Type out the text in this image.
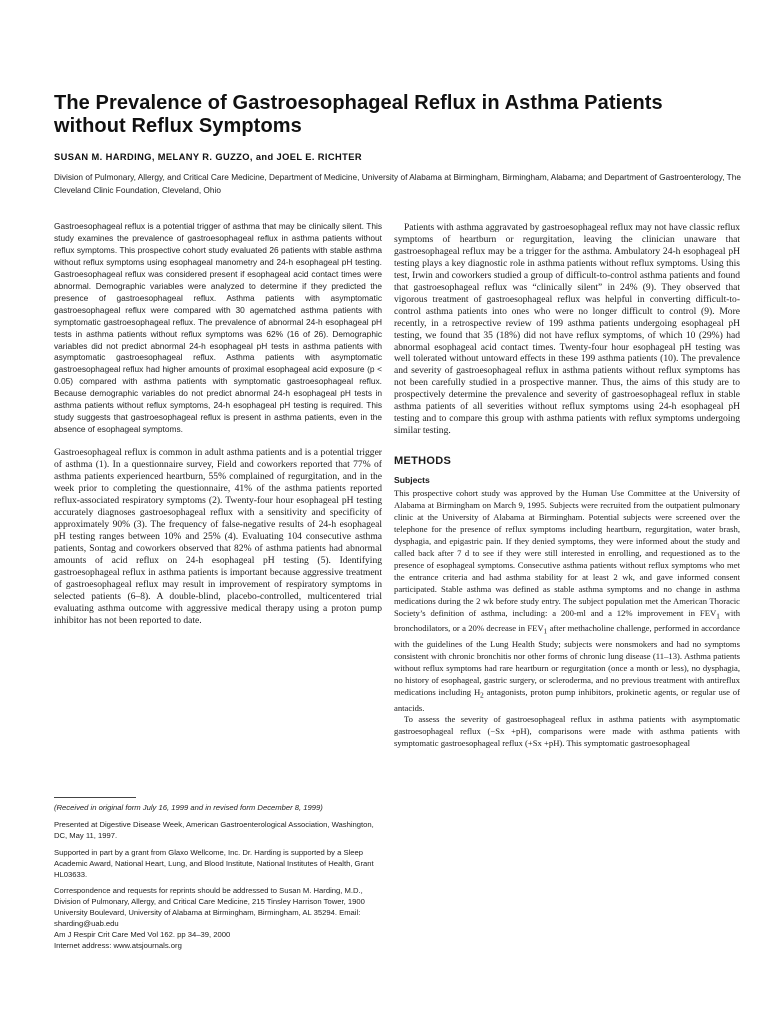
The Prevalence of Gastroesophageal Reflux in Asthma Patients without Reflux Symptoms
SUSAN M. HARDING, MELANY R. GUZZO, and JOEL E. RICHTER
Division of Pulmonary, Allergy, and Critical Care Medicine, Department of Medicine, University of Alabama at Birmingham, Birmingham, Alabama; and Department of Gastroenterology, The Cleveland Clinic Foundation, Cleveland, Ohio

Gastroesophageal reflux is a potential trigger of asthma that may be clinically silent. This study examines the prevalence of gastroesophageal reflux in asthma patients without reflux symptoms. This prospective cohort study evaluated 26 patients with stable asthma without reflux symptoms using esophageal manometry and 24-h esophageal pH testing. Gastroesophageal reflux was considered present if esophageal acid contact times were abnormal. Demographic variables were analyzed to determine if they predicted the presence of gastroesophageal reflux. Asthma patients with asymptomatic gastroesophageal reflux were compared with 30 agematched asthma patients with symptomatic gastroesophageal reflux. The prevalence of abnormal 24-h esophageal pH tests in asthma patients without reflux symptoms was 62% (16 of 26). Demographic variables did not predict abnormal 24-h esophageal pH tests in asthma patients with asymptomatic gastroesophageal reflux. Asthma patients with asymptomatic gastroesophageal reflux had higher amounts of proximal esophageal acid exposure (p < 0.05) compared with asthma patients with symptomatic gastroesophageal reflux. Because demographic variables do not predict abnormal 24-h esophageal pH tests in asthma patients without reflux symptoms, 24-h esophageal pH testing is required. This study suggests that gastroesophageal reflux is present in asthma patients, even in the absence of esophageal symptoms.

Gastroesophageal reflux is common in adult asthma patients and is a potential trigger of asthma (1). In a questionnaire survey, Field and coworkers reported that 77% of asthma patients experienced heartburn, 55% complained of regurgitation, and in the week prior to completing the questionnaire, 41% of the asthma patients reported reflux-associated respiratory symptoms (2). Twenty-four hour esophageal pH testing accurately diagnoses gastroesophageal reflux with a sensitivity and specificity of approximately 90% (3). The frequency of false-negative results of 24-h esophageal pH testing ranges between 10% and 25% (4). Evaluating 104 consecutive asthma patients, Sontag and coworkers observed that 82% of asthma patients had abnormal amounts of acid reflux on 24-h esophageal pH testing (5). Identifying gastroesophageal reflux in asthma patients is important because aggressive treatment of gastroesophageal reflux may result in improvement of respiratory symptoms in selected patients (6–8). A double-blind, placebo-controlled, multicentered trial evaluating asthma outcome with aggressive medical therapy using a proton pump inhibitor has not been reported to date.

(Received in original form July 16, 1999 and in revised form December 8, 1999)

Presented at Digestive Disease Week, American Gastroenterological Association, Washington, DC, May 11, 1997.

Supported in part by a grant from Glaxo Wellcome, Inc. Dr. Harding is supported by a Sleep Academic Award, National Heart, Lung, and Blood Institute, National Institutes of Health, Grant HL03633.

Correspondence and requests for reprints should be addressed to Susan M. Harding, M.D., Division of Pulmonary, Allergy, and Critical Care Medicine, 215 Tinsley Harrison Tower, 1900 University Boulevard, University of Alabama at Birmingham, Birmingham, AL 35294. Email: sharding@uab.edu

Am J Respir Crit Care Med Vol 162. pp 34–39, 2000

Internet address: www.atsjournals.org

Patients with asthma aggravated by gastroesophageal reflux may not have classic reflux symptoms of heartburn or regurgitation, leaving the clinician unaware that gastroesophageal reflux may be a trigger for the asthma. Ambulatory 24-h esophageal pH testing plays a key diagnostic role in asthma patients without reflux symptoms. Using this test, Irwin and coworkers studied a group of difficult-to-control asthma patients and found that gastroesophageal reflux was “clinically silent” in 24% (9). They observed that vigorous treatment of gastroesophageal reflux was helpful in converting difficult-to-control asthma patients into ones who were no longer difficult to control (9). More recently, in a retrospective review of 199 asthma patients undergoing esophageal pH testing, we found that 35 (18%) did not have reflux symptoms, of which 10 (29%) had abnormal esophageal acid contact times. Twenty-four hour esophageal pH testing was well tolerated without untoward effects in these 199 asthma patients (10). The prevalence and severity of gastroesophageal reflux in asthma patients without reflux symptoms has not been carefully studied in a prospective manner. Thus, the aims of this study are to prospectively determine the prevalence and severity of gastroesophageal reflux in stable asthma patients of all severities without reflux symptoms using 24-h esophageal pH testing and to compare this group with asthma patients with reflux symptoms undergoing similar testing.

METHODS
Subjects

This prospective cohort study was approved by the Human Use Committee at the University of Alabama at Birmingham on March 9, 1995. Subjects were recruited from the outpatient pulmonary clinic at the University of Alabama at Birmingham. Potential subjects were screened over the telephone for the presence of reflux symptoms including heartburn, regurgitation, water brash, dysphagia, and epigastric pain. If they denied symptoms, they were informed about the study and called back after 7 d to see if they were still interested in enrolling, and requestioned as to the presence of esophageal symptoms. Consecutive asthma patients without reflux symptoms who met the entrance criteria and had asthma stability for at least 2 wk, and gave informed consent participated. Stable asthma was defined as stable asthma symptoms and no change in asthma medications during the 2 wk before study entry. The subject population met the American Thoracic Society’s definition of asthma, including: a 200-ml and a 12% improvement in $FEV_1$ with bronchodilators, or a 20% decrease in $FEV_1$ after methacholine challenge, performed in accordance with the guidelines of the Lung Health Study; subjects were nonsmokers and had no symptoms consistent with chronic bronchitis nor other forms of chronic lung disease (11–13). Asthma patients without reflux symptoms had rare heartburn or regurgitation (once a month or less), no dysphagia, no history of esophageal, gastric surgery, or scleroderma, and no previous treatment with antireflux medications including $H_2$ antagonists, proton pump inhibitors, prokinetic agents, or regular use of antacids.

To assess the severity of gastroesophageal reflux in asthma patients with asymptomatic gastroesophageal reflux (−Sx +pH), comparisons were made with asthma patients with symptomatic gastroesophageal reflux (+Sx +pH). This symptomatic gastroesophageal
